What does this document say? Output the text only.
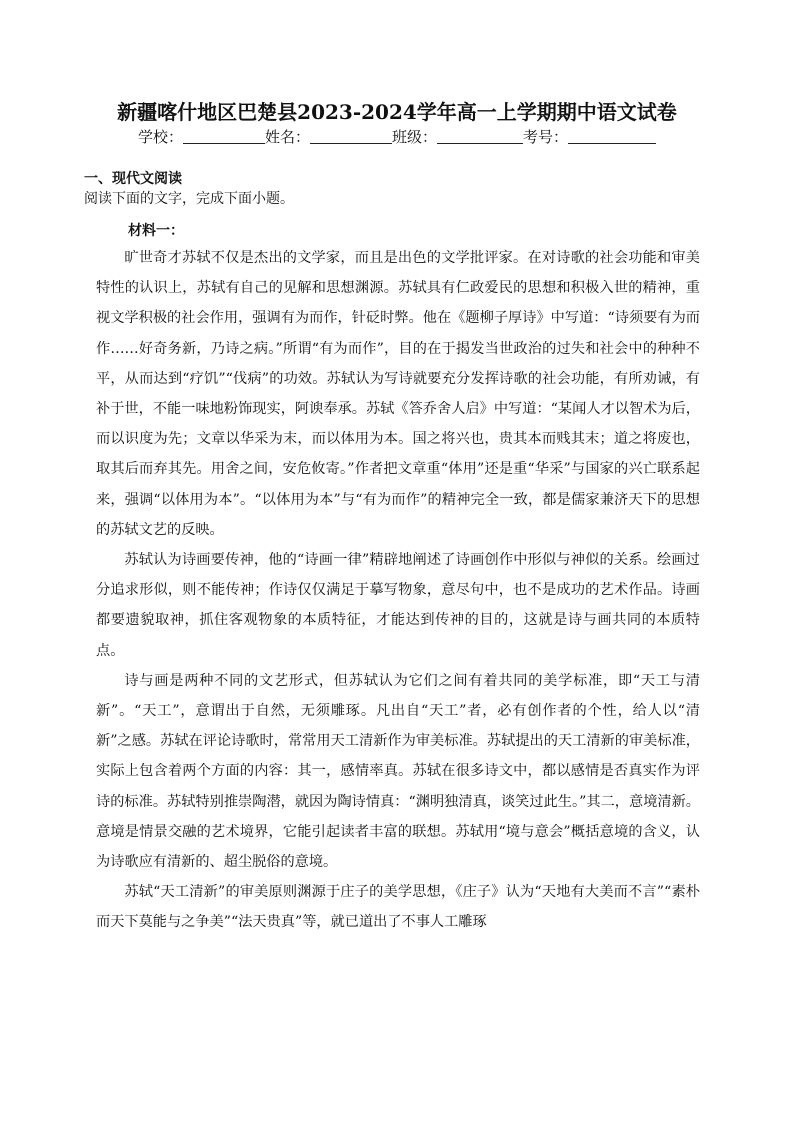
新疆喀什地区巴楚县2023-2024学年高一上学期期中语文试卷
学校：	姓名：	班级：	考号：
一、现代文阅读
阅读下面的文字，完成下面小题。
材料一：

旷世奇才苏轼不仅是杰出的文学家，而且是出色的文学批评家。在对诗歌的社会功能和审美特性的认识上，苏轼有自己的见解和思想渊源。苏轼具有仁政爱民的思想和积极入世的精神，重视文学积极的社会作用，强调有为而作，针砭时弊。他在《题柳子厚诗》中写道：“诗须要有为而作……好奇务新，乃诗之病。”所谓“有为而作”，目的在于揭发当世政治的过失和社会中的种种不平，从而达到“疗饥”“伐病”的功效。苏轼认为写诗就要充分发挥诗歌的社会功能，有所劝诫，有补于世，不能一味地粉饰现实，阿谀奉承。苏轼《答乔舍人启》中写道：“某闻人才以智术为后，而以识度为先；文章以华采为末，而以体用为本。国之将兴也，贵其本而贱其末；道之将废也，取其后而弃其先。用舍之间，安危攸寄。”作者把文章重“体用”还是重“华采”与国家的兴亡联系起来，强调“以体用为本”。“以体用为本”与“有为而作”的精神完全一致，都是儒家兼济天下的思想的苏轼文艺的反映。

苏轼认为诗画要传神，他的“诗画一律”精辟地阐述了诗画创作中形似与神似的关系。绘画过分追求形似，则不能传神；作诗仅仅满足于摹写物象，意尽句中，也不是成功的艺术作品。诗画都要遗貌取神，抓住客观物象的本质特征，才能达到传神的目的，这就是诗与画共同的本质特点。

诗与画是两种不同的文艺形式，但苏轼认为它们之间有着共同的美学标准，即“天工与清新”。“天工”，意谓出于自然，无须雕琢。凡出自“天工”者，必有创作者的个性，给人以“清新”之感。苏轼在评论诗歌时，常常用天工清新作为审美标准。苏轼提出的天工清新的审美标准，实际上包含着两个方面的内容：其一，感情率真。苏轼在很多诗文中，都以感情是否真实作为评诗的标准。苏轼特别推崇陶潜，就因为陶诗情真：“渊明独清真，谈笑过此生。”其二，意境清新。意境是情景交融的艺术境界，它能引起读者丰富的联想。苏轼用“境与意会”概括意境的含义，认为诗歌应有清新的、超尘脱俗的意境。

苏轼“天工清新”的审美原则渊源于庄子的美学思想，《庄子》认为“天地有大美而不言”“素朴而天下莫能与之争美”“法天贵真”等，就已道出了不事人工雕琢
